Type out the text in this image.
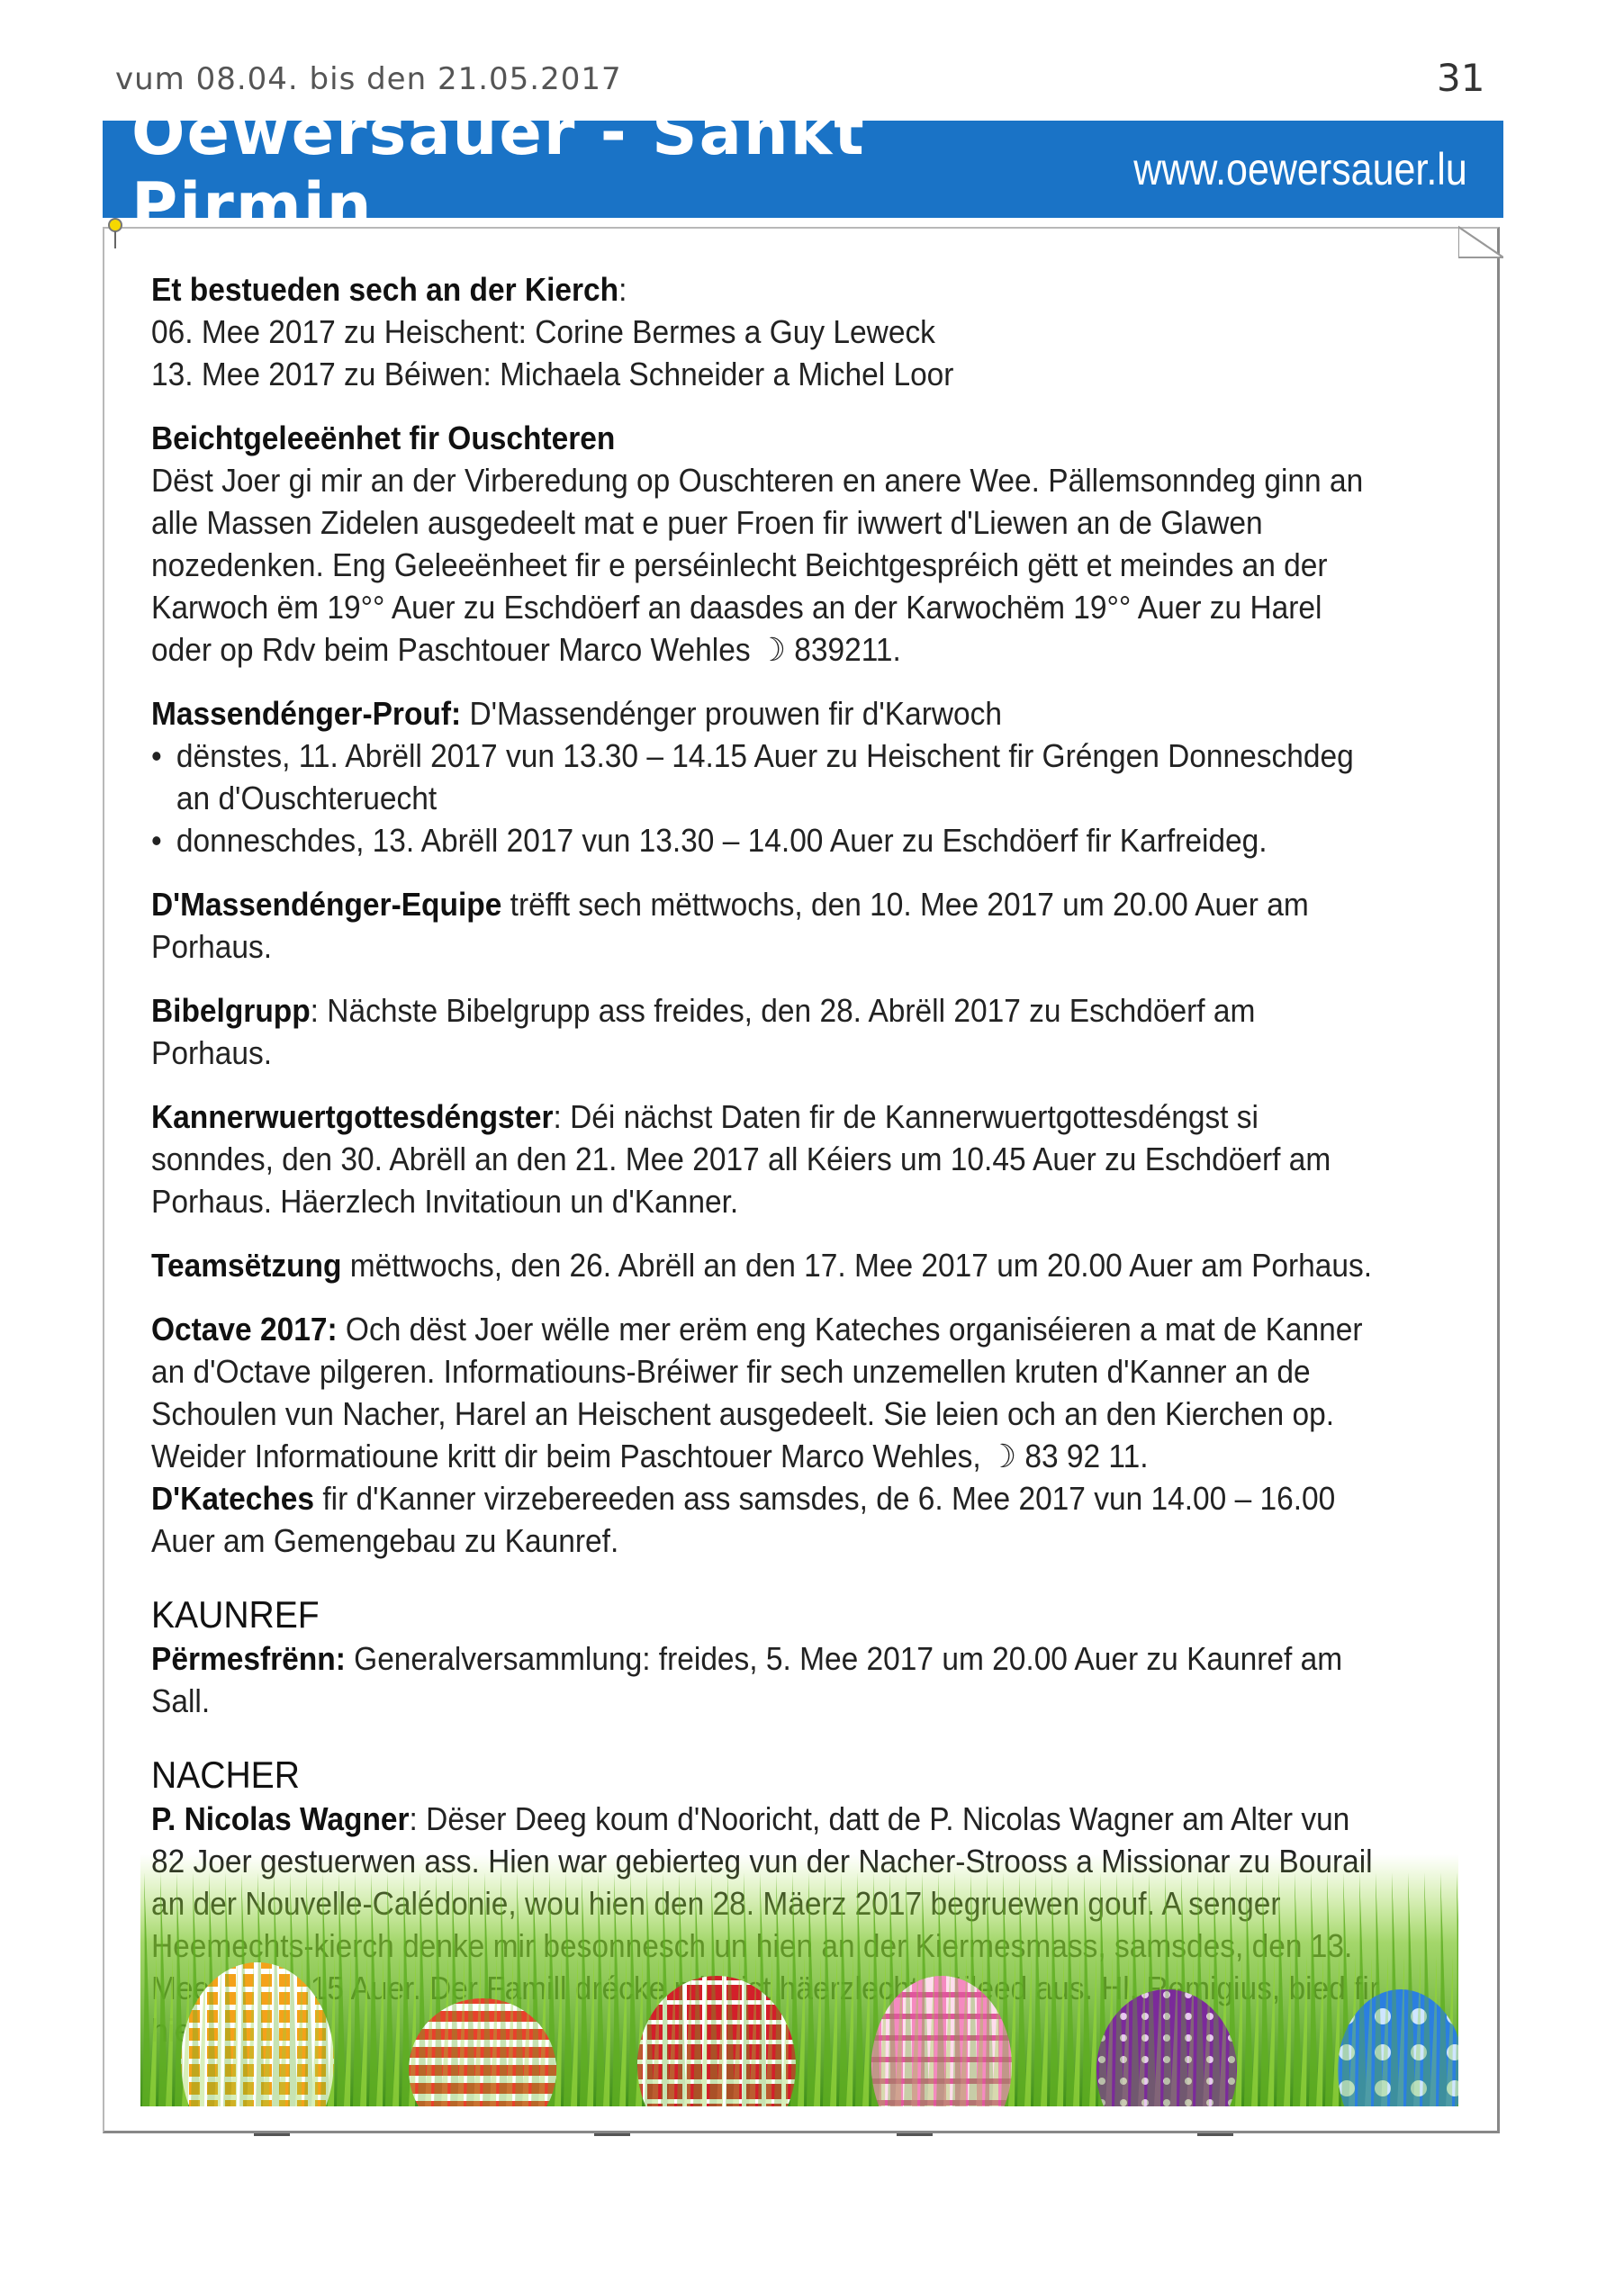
vum 08.04. bis den 21.05.2017	31
Öewersauer - Sankt Pirmin	www.oewersauer.lu

Et bestueden sech an der Kierch:
06. Mee 2017 zu Heischent: Corine Bermes a Guy Leweck
13. Mee 2017 zu Béiwen: Michaela Schneider a Michel Loor

Beichtgeleeënhet fir Ouschteren
Dëst Joer gi mir an der Virberedung op Ouschteren en anere Wee. Pällemsonndeg ginn an alle Massen Zidelen ausgedeelt mat e puer Froen fir iwwert d'Liewen an de Glawen nozedenken. Eng Geleeënheet fir e perséinlecht Beichtgespréich gëtt et meindes an der Karwoch ëm 19°° Auer zu Eschdöerf an daasdes an der Karwochëm 19°° Auer zu Harel oder op Rdv beim Paschtouer Marco Wehles ☽ 839211.

Massendénger-Prouf: D'Massendénger prouwen fir d'Karwoch

• dënstes, 11. Abrëll 2017 vun 13.30 – 14.15 Auer zu Heischent fir Gréngen Donneschdeg an d'Ouschteruecht
• donneschdes, 13. Abrëll 2017 vun 13.30 – 14.00 Auer zu Eschdöerf fir Karfreideg.

D'Massendénger-Equipe trëfft sech mëttwochs, den 10. Mee 2017 um 20.00 Auer am Porhaus.

Bibelgrupp: Nächste Bibelgrupp ass freides, den 28. Abrëll 2017 zu Eschdöerf am Porhaus.

Kannerwuertgottesdéngster: Déi nächst Daten fir de Kannerwuertgottesdéngst si sonndes, den 30. Abrëll an den 21. Mee 2017 all Kéiers um 10.45 Auer zu Eschdöerf am Porhaus. Häerzlech Invitatioun un d'Kanner.

Teamsëtzung mëttwochs, den 26. Abrëll an den 17. Mee 2017 um 20.00 Auer am Porhaus.

Octave 2017: Och dëst Joer wëlle mer erëm eng Kateches organiséieren a mat de Kanner an d'Octave pilgeren. Informatiouns-Bréiwer fir sech unzemellen kruten d'Kanner an de Schoulen vun Nacher, Harel an Heischent ausgedeelt. Sie leien och an den Kierchen op. Weider Informatioune kritt dir beim Paschtouer Marco Wehles, ☽ 83 92 11.
D'Kateches fir d'Kanner virzebereeden ass samsdes, de 6. Mee 2017 vun 14.00 – 16.00 Auer am Gemengebau zu Kaunref.

KAUNREF

Përmesfrënn: Generalversammlung: freides, 5. Mee 2017 um 20.00 Auer zu Kaunref am Sall.

NACHER

P. Nicolas Wagner: Dëser Deeg koum d'Nooricht, datt de P. Nicolas Wagner am Alter vun
